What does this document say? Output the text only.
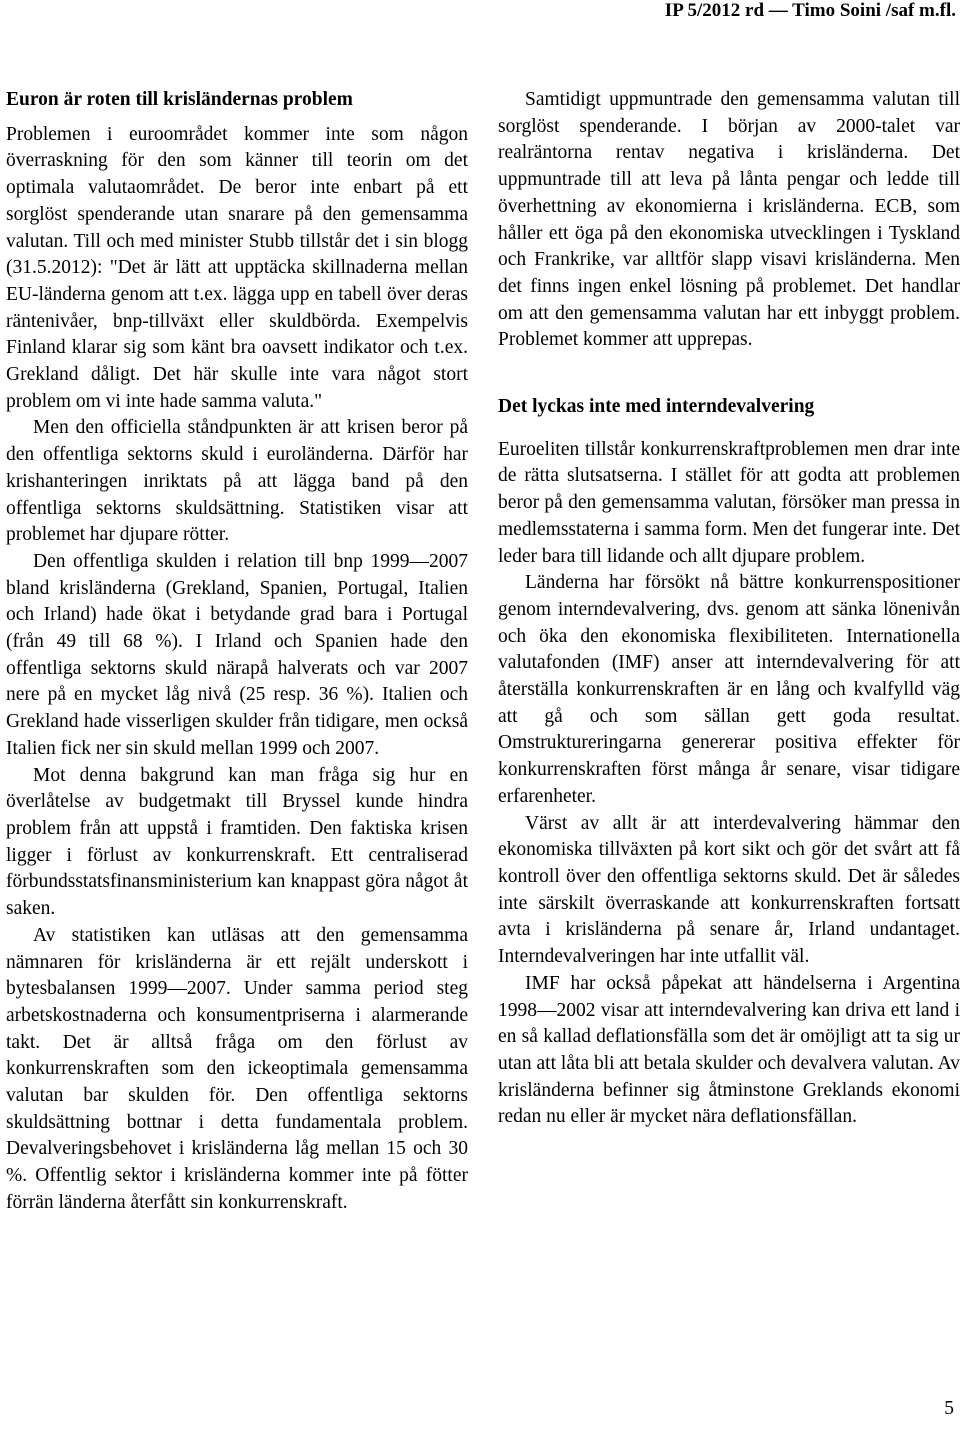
IP 5/2012 rd — Timo Soini /saf m.fl.
Euron är roten till krisländernas problem

Problemen i euroområdet kommer inte som någon överraskning för den som känner till teorin om det optimala valutaområdet. De beror inte enbart på ett sorglöst spenderande utan snarare på den gemensamma valutan. Till och med minister Stubb tillstår det i sin blogg (31.5.2012): "Det är lätt att upptäcka skillnaderna mellan EU-länderna genom att t.ex. lägga upp en tabell över deras räntenivåer, bnp-tillväxt eller skuldbörda. Exempelvis Finland klarar sig som känt bra oavsett indikator och t.ex. Grekland dåligt. Det här skulle inte vara något stort problem om vi inte hade samma valuta."

Men den officiella ståndpunkten är att krisen beror på den offentliga sektorns skuld i euroländerna. Därför har krishanteringen inriktats på att lägga band på den offentliga sektorns skuldsättning. Statistiken visar att problemet har djupare rötter.

Den offentliga skulden i relation till bnp 1999—2007 bland krisländerna (Grekland, Spanien, Portugal, Italien och Irland) hade ökat i betydande grad bara i Portugal (från 49 till 68 %). I Irland och Spanien hade den offentliga sektorns skuld närapå halverats och var 2007 nere på en mycket låg nivå (25 resp. 36 %). Italien och Grekland hade visserligen skulder från tidigare, men också Italien fick ner sin skuld mellan 1999 och 2007.

Mot denna bakgrund kan man fråga sig hur en överlåtelse av budgetmakt till Bryssel kunde hindra problem från att uppstå i framtiden. Den faktiska krisen ligger i förlust av konkurrenskraft. Ett centraliserad förbundsstatsfinansministerium kan knappast göra något åt saken.

Av statistiken kan utläsas att den gemensamma nämnaren för krisländerna är ett rejält underskott i bytesbalansen 1999—2007. Under samma period steg arbetskostnaderna och konsumentpriserna i alarmerande takt. Det är alltså fråga om den förlust av konkurrenskraften som den ickeoptimala gemensamma valutan bar skulden för. Den offentliga sektorns skuldsättning bottnar i detta fundamentala problem. Devalveringsbehovet i krisländerna låg mellan 15 och 30 %. Offentlig sektor i krisländerna kommer inte på fötter förrän länderna återfått sin konkurrenskraft.

Samtidigt uppmuntrade den gemensamma valutan till sorglöst spenderande. I början av 2000-talet var realräntorna rentav negativa i krisländerna. Det uppmuntrade till att leva på lånta pengar och ledde till överhettning av ekonomierna i krisländerna. ECB, som håller ett öga på den ekonomiska utvecklingen i Tyskland och Frankrike, var alltför slapp visavi krisländerna. Men det finns ingen enkel lösning på problemet. Det handlar om att den gemensamma valutan har ett inbyggt problem. Problemet kommer att upprepas.

Det lyckas inte med interndevalvering

Euroeliten tillstår konkurrenskraftproblemen men drar inte de rätta slutsatserna. I stället för att godta att problemen beror på den gemensamma valutan, försöker man pressa in medlemsstaterna i samma form. Men det fungerar inte. Det leder bara till lidande och allt djupare problem.

Länderna har försökt nå bättre konkurrenspositioner genom interndevalvering, dvs. genom att sänka lönenivån och öka den ekonomiska flexibiliteten. Internationella valutafonden (IMF) anser att interndevalvering för att återställa konkurrenskraften är en lång och kvalfylld väg att gå och som sällan gett goda resultat. Omstruktureringarna genererar positiva effekter för konkurrenskraften först många år senare, visar tidigare erfarenheter.

Värst av allt är att interdevalvering hämmar den ekonomiska tillväxten på kort sikt och gör det svårt att få kontroll över den offentliga sektorns skuld. Det är således inte särskilt överraskande att konkurrenskraften fortsatt avta i krisländerna på senare år, Irland undantaget. Interndevalveringen har inte utfallit väl.

IMF har också påpekat att händelserna i Argentina 1998—2002 visar att interndevalvering kan driva ett land i en så kallad deflationsfälla som det är omöjligt att ta sig ur utan att låta bli att betala skulder och devalvera valutan. Av krisländerna befinner sig åtminstone Greklands ekonomi redan nu eller är mycket nära deflationsfällan.

5
